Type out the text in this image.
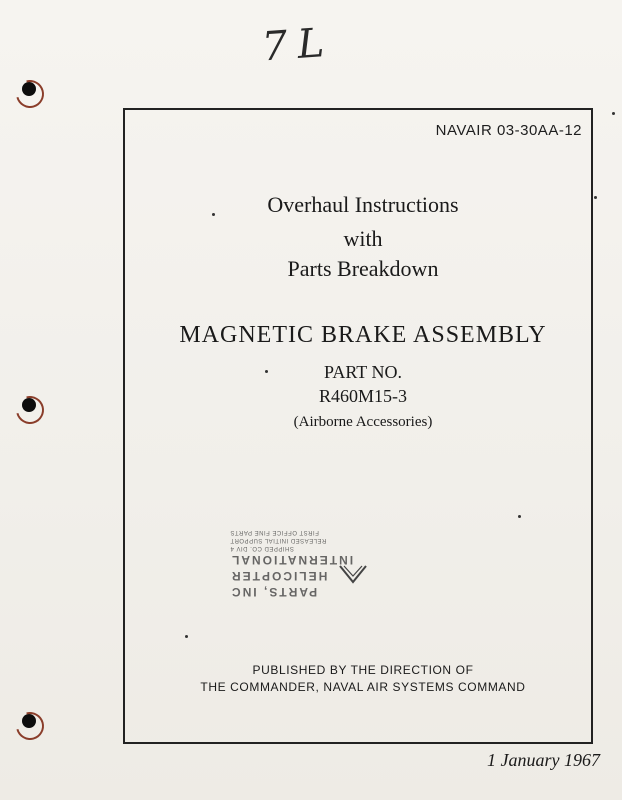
7L
NAVAIR 03-30AA-12
Overhaul Instructions
with
Parts Breakdown
MAGNETIC BRAKE ASSEMBLY
PART NO.
R460M15-3
(Airborne Accessories)
PARTS, INC
HELICOPTER
INTERNATIONAL
SHIPPED CO. DIV 4
RELEASED INITIAL SUPPORT
FIRST OFFICE FINE PARTS
PUBLISHED BY THE DIRECTION OF
THE COMMANDER, NAVAL AIR SYSTEMS COMMAND
1 January 1967
